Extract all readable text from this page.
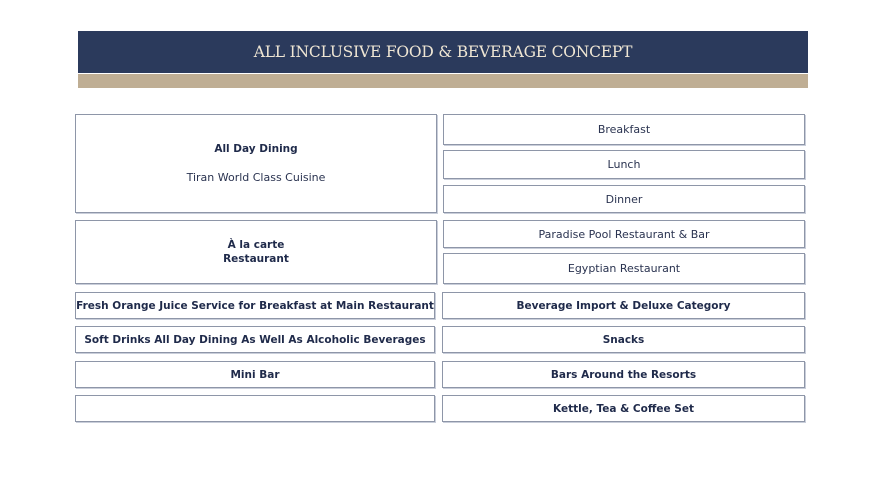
ALL INCLUSIVE FOOD & BEVERAGE CONCEPT
All Day Dining
Tiran World Class Cuisine
À la carte
Restaurant
Fresh Orange Juice Service for Breakfast at Main Restaurant
Soft Drinks All Day Dining As Well As Alcoholic Beverages
Mini Bar
Breakfast
Lunch
Dinner
Paradise Pool Restaurant & Bar
Egyptian Restaurant
Beverage Import & Deluxe Category
Snacks
Bars Around the Resorts
Kettle, Tea & Coffee Set
